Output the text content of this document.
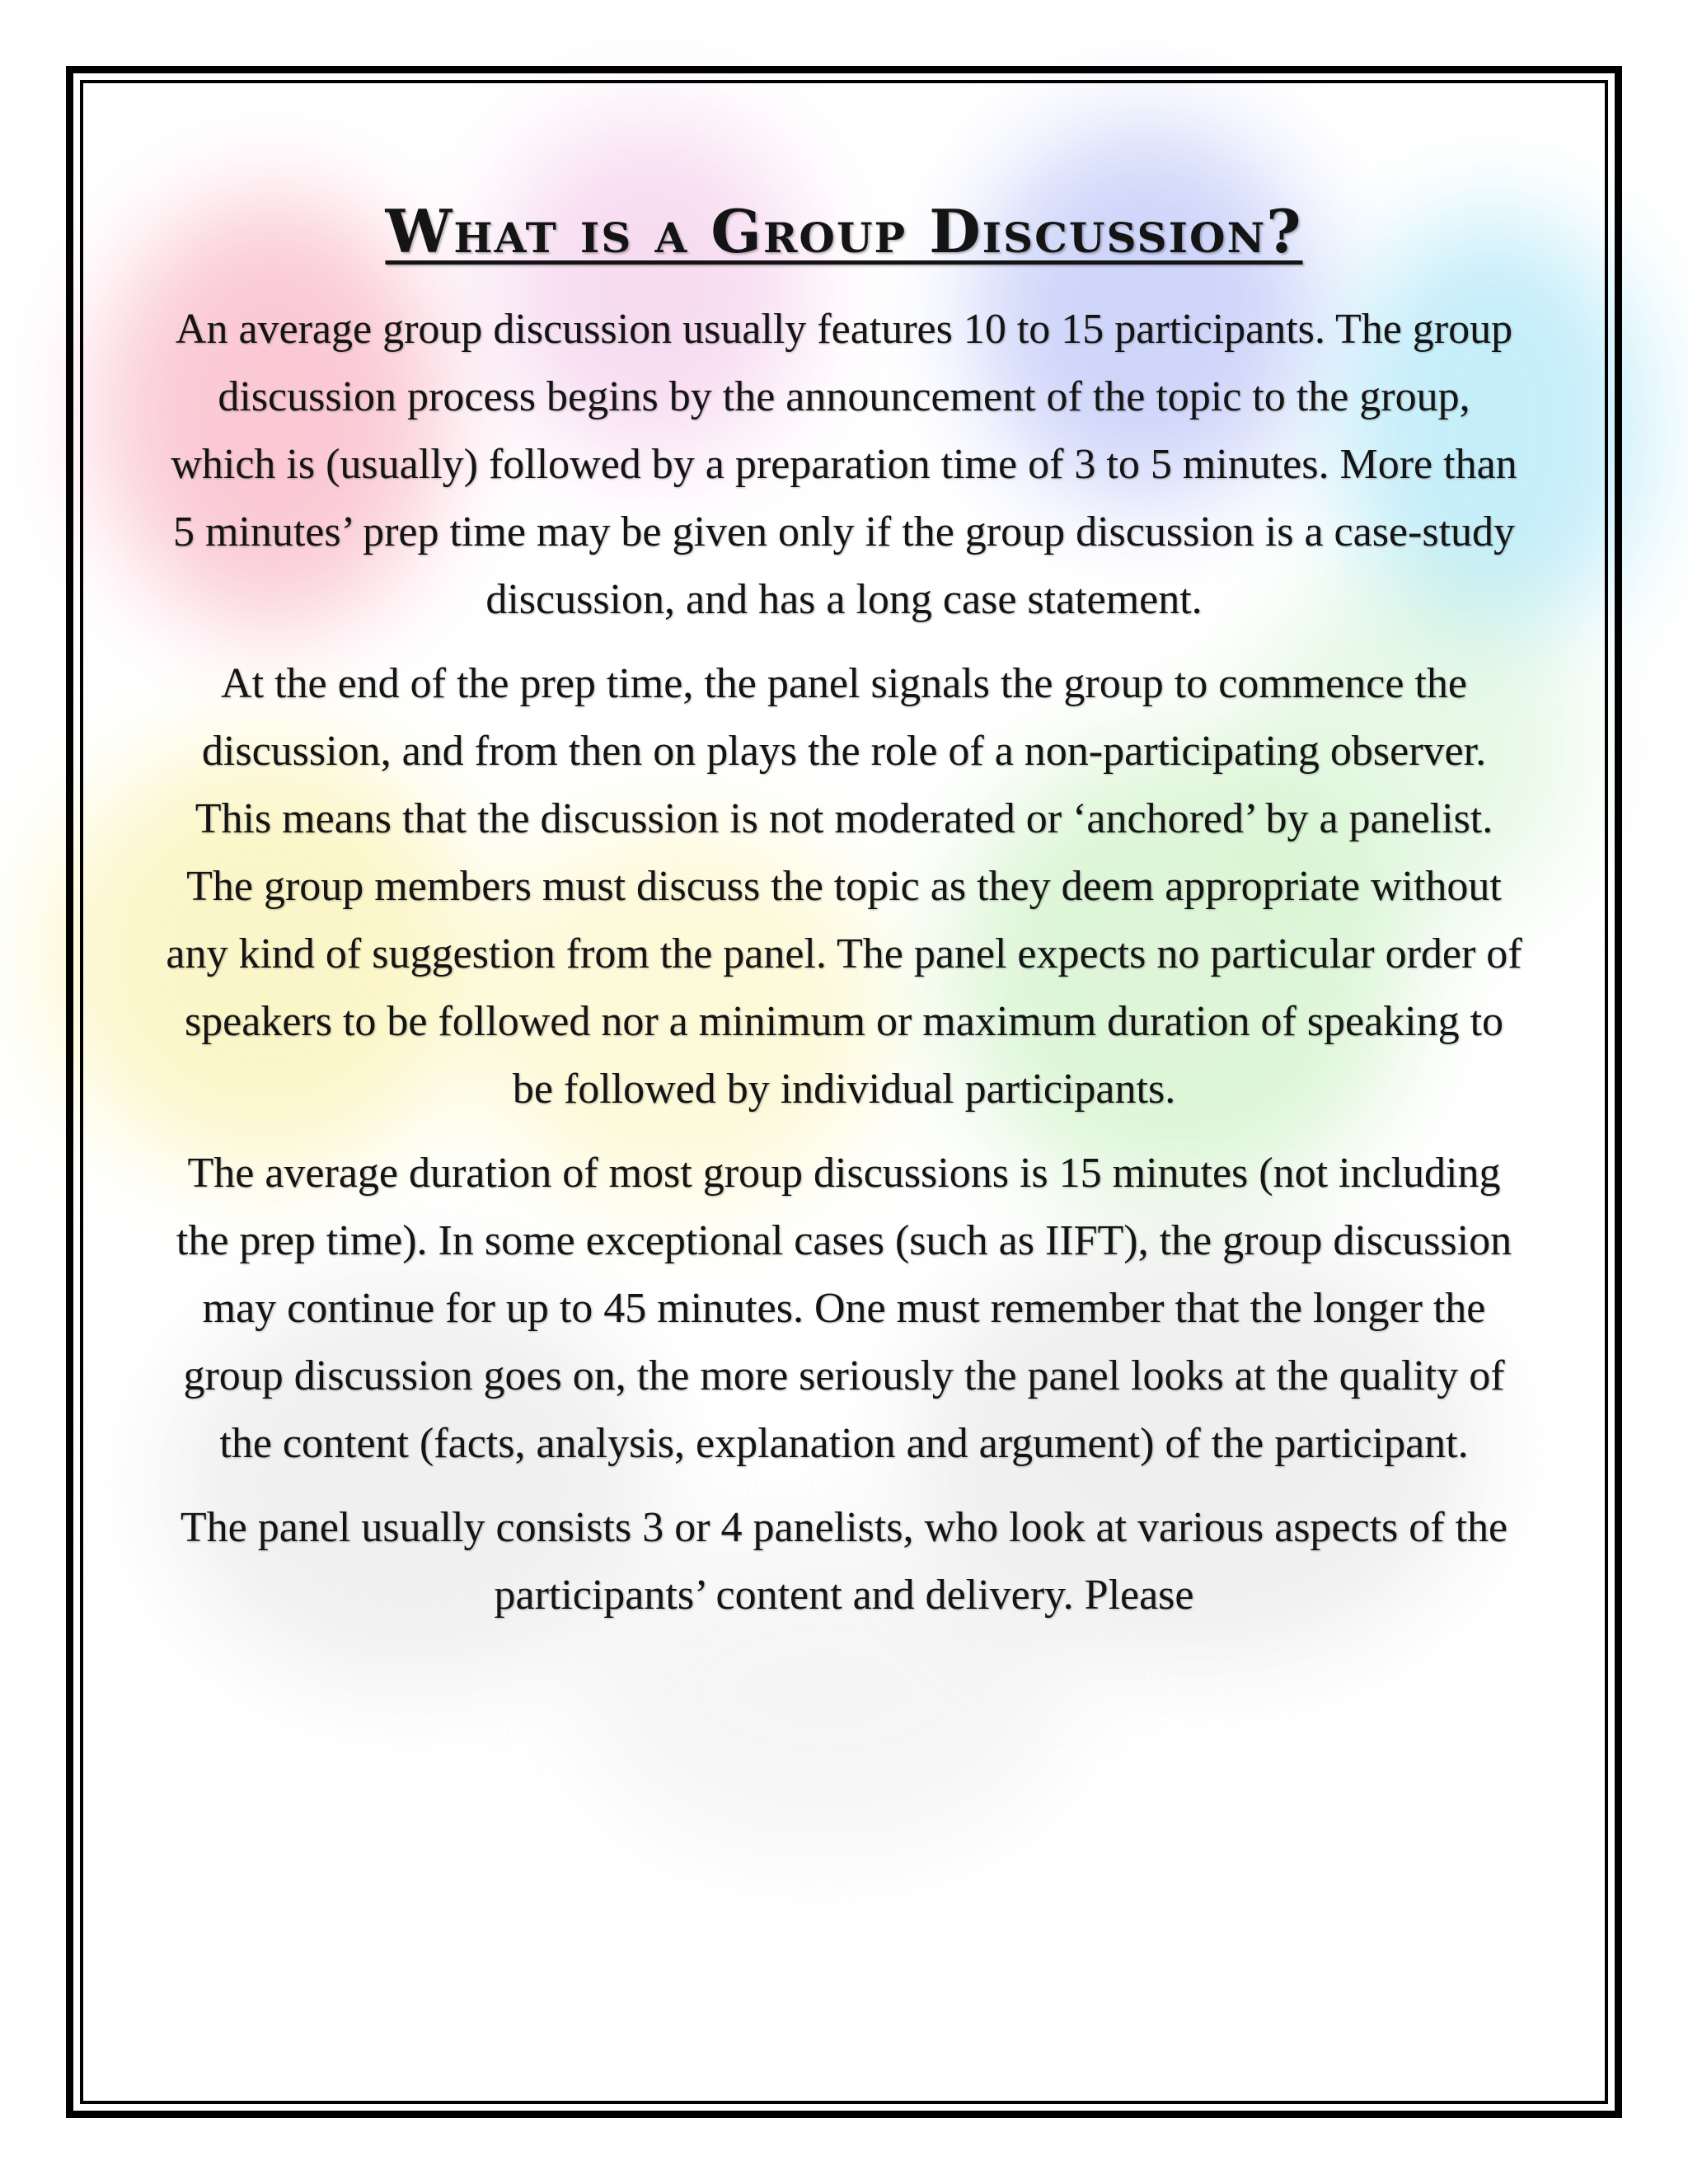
What is a Group Discussion?

An average group discussion usually features 10 to 15 participants. The group discussion process begins by the announcement of the topic to the group, which is (usually) followed by a preparation time of 3 to 5 minutes. More than 5 minutes’ prep time may be given only if the group discussion is a case-study discussion, and has a long case statement.

At the end of the prep time, the panel signals the group to commence the discussion, and from then on plays the role of a non-participating observer. This means that the discussion is not moderated or ‘anchored’ by a panelist. The group members must discuss the topic as they deem appropriate without any kind of suggestion from the panel. The panel expects no particular order of speakers to be followed nor a minimum or maximum duration of speaking to be followed by individual participants.

The average duration of most group discussions is 15 minutes (not including the prep time). In some exceptional cases (such as IIFT), the group discussion may continue for up to 45 minutes. One must remember that the longer the group discussion goes on, the more seriously the panel looks at the quality of the content (facts, analysis, explanation and argument) of the participant.

The panel usually consists 3 or 4 panelists, who look at various aspects of the participants’ content and delivery. Please
